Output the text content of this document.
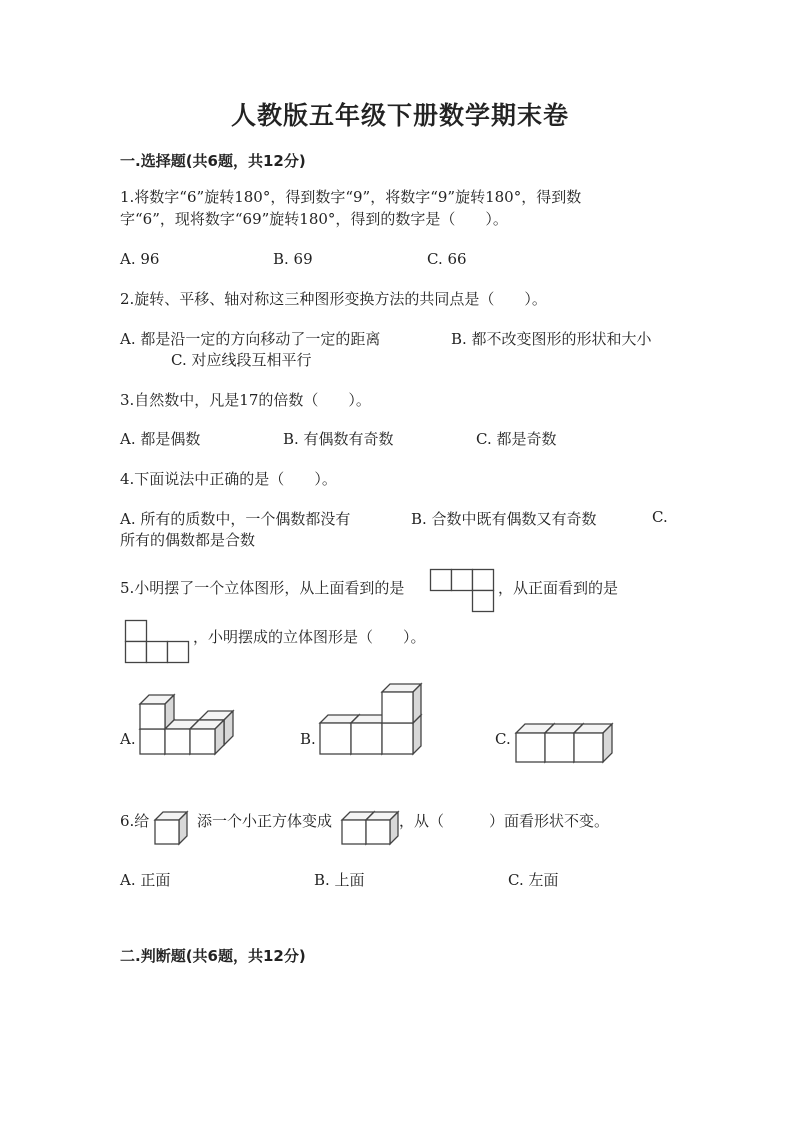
人教版五年级下册数学期末卷
一.选择题(共6题，共12分)
1.将数字“6”旋转180°，得到数字“9”，将数字“9”旋转180°，得到数
字“6”，现将数字“69”旋转180°，得到的数字是（　　）。
A. 96	B. 69	C. 66
2.旋转、平移、轴对称这三种图形变换方法的共同点是（　　）。
A. 都是沿一定的方向移动了一定的距离	B. 都不改变图形的形状和大小
C. 对应线段互相平行
3.自然数中，凡是17的倍数（　　）。
A. 都是偶数	B. 有偶数有奇数	C. 都是奇数
4.下面说法中正确的是（　　）。
A. 所有的质数中，一个偶数都没有	B. 合数中既有偶数又有奇数	C.
所有的偶数都是合数
5.小明摆了一个立体图形，从上面看到的是	，从正面看到的是
，小明摆成的立体图形是（　　）。
A.	B.	C.
6.给	添一个小正方体变成	，从（　　　）面看形状不变。
A. 正面	B. 上面	C. 左面
二.判断题(共6题，共12分)
